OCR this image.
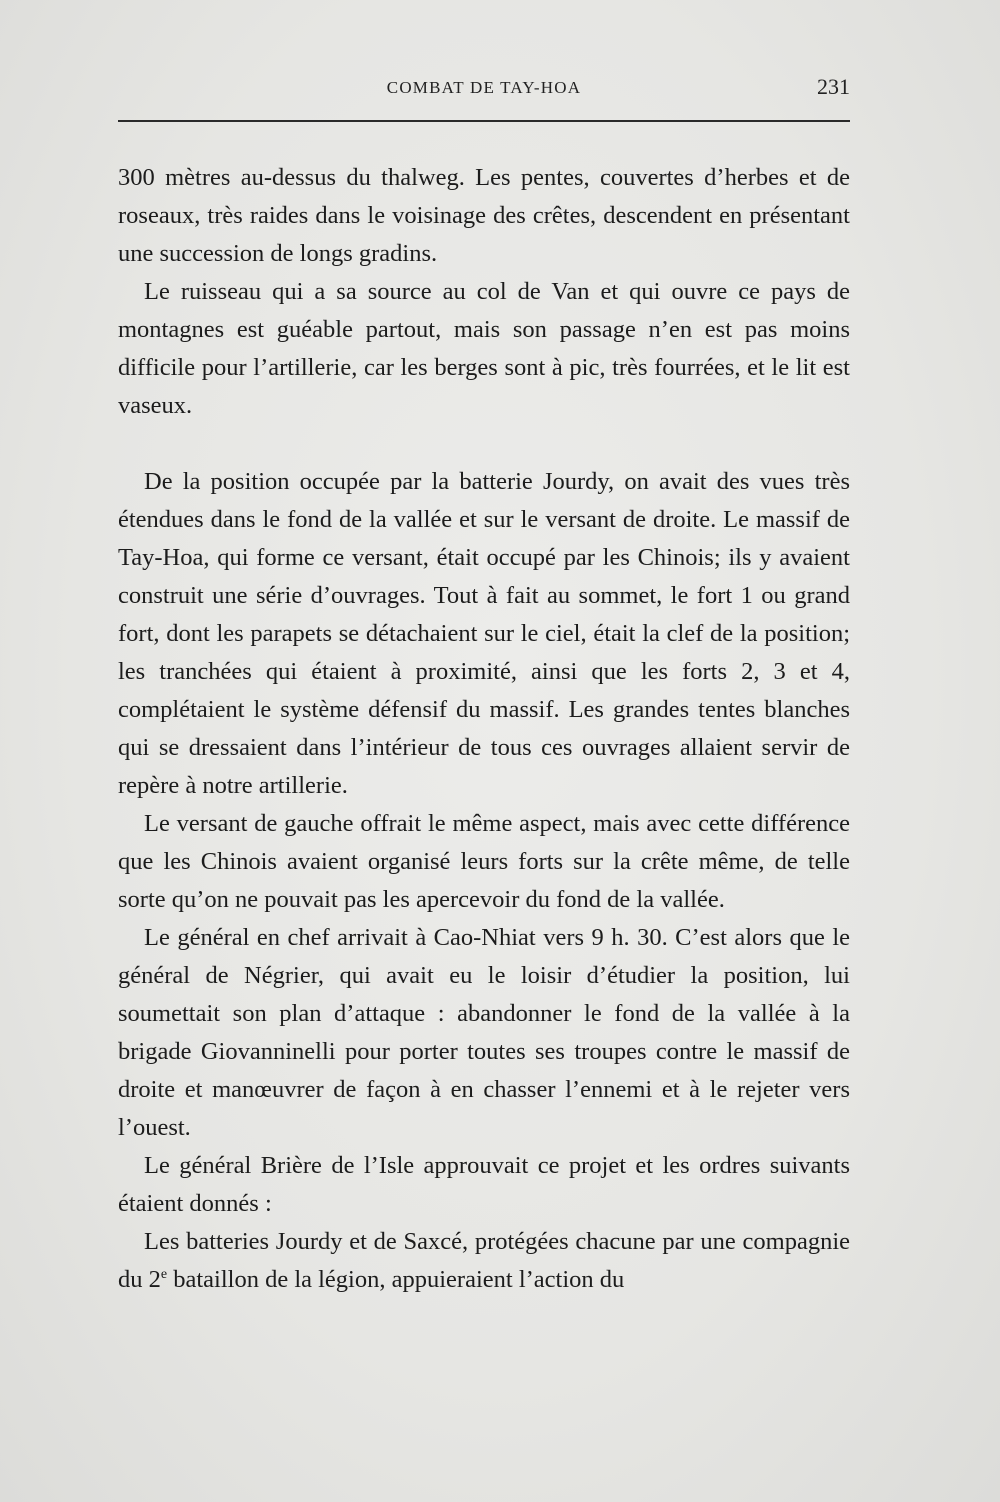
COMBAT DE TAY-HOA	231

300 mètres au-dessus du thalweg. Les pentes, couvertes d’herbes et de roseaux, très raides dans le voisinage des crêtes, descendent en présentant une succession de longs gradins.

Le ruisseau qui a sa source au col de Van et qui ouvre ce pays de montagnes est guéable partout, mais son passage n’en est pas moins difficile pour l’artillerie, car les berges sont à pic, très fourrées, et le lit est vaseux.

De la position occupée par la batterie Jourdy, on avait des vues très étendues dans le fond de la vallée et sur le versant de droite. Le massif de Tay-Hoa, qui forme ce versant, était occupé par les Chinois; ils y avaient construit une série d’ouvrages. Tout à fait au sommet, le fort 1 ou grand fort, dont les parapets se détachaient sur le ciel, était la clef de la position; les tranchées qui étaient à proximité, ainsi que les forts 2, 3 et 4, complétaient le système défensif du massif. Les grandes tentes blanches qui se dressaient dans l’intérieur de tous ces ouvrages allaient servir de repère à notre artillerie.

Le versant de gauche offrait le même aspect, mais avec cette différence que les Chinois avaient organisé leurs forts sur la crête même, de telle sorte qu’on ne pouvait pas les apercevoir du fond de la vallée.

Le général en chef arrivait à Cao-Nhiat vers 9 h. 30. C’est alors que le général de Négrier, qui avait eu le loisir d’étudier la position, lui soumettait son plan d’attaque : abandonner le fond de la vallée à la brigade Giovanninelli pour porter toutes ses troupes contre le massif de droite et manœuvrer de façon à en chasser l’ennemi et à le rejeter vers l’ouest.

Le général Brière de l’Isle approuvait ce projet et les ordres suivants étaient donnés :

Les batteries Jourdy et de Saxcé, protégées chacune par une compagnie du 2e bataillon de la légion, appuieraient l’action du
